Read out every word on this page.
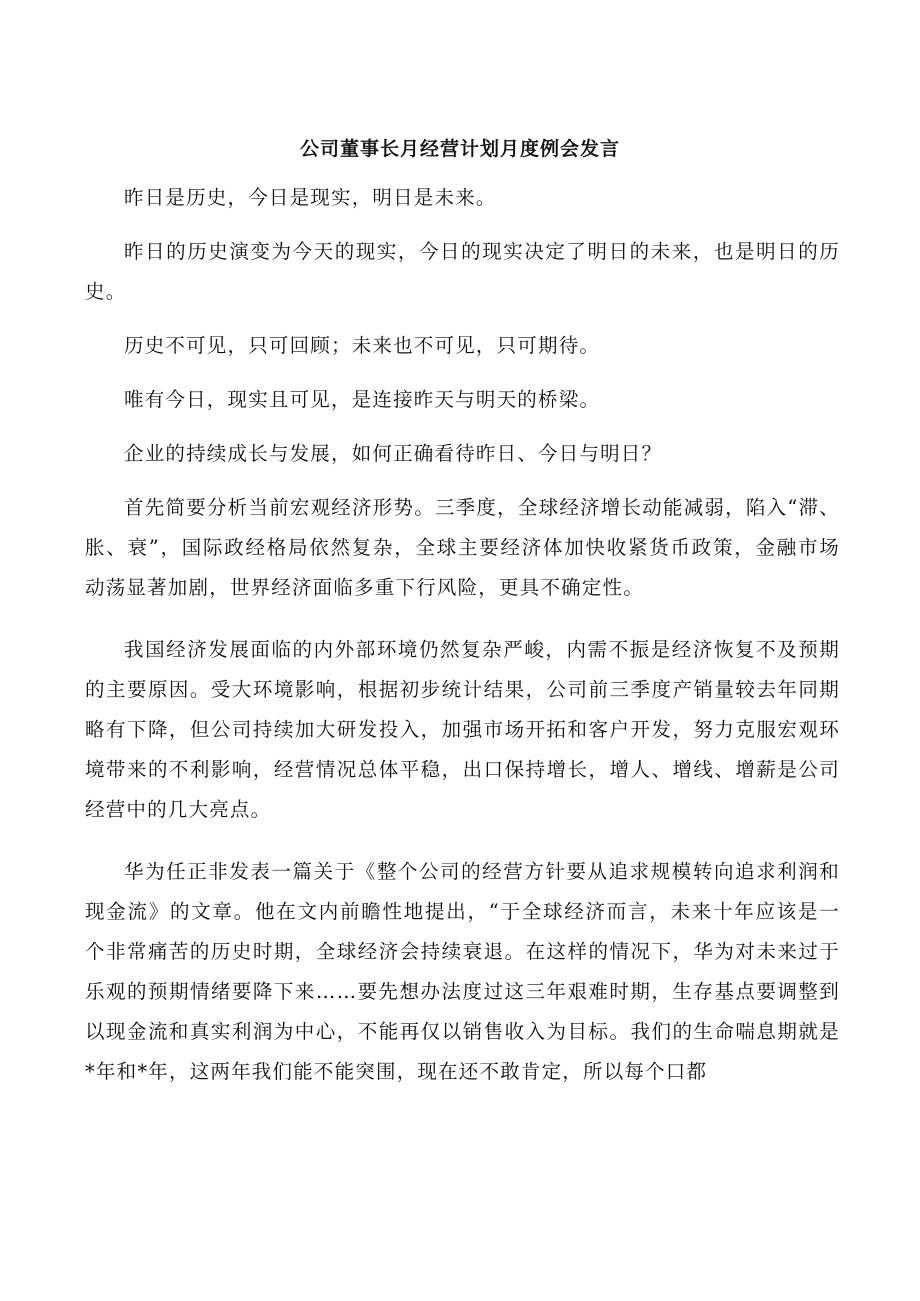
公司董事长月经营计划月度例会发言

昨日是历史，今日是现实，明日是未来。

昨日的历史演变为今天的现实，今日的现实决定了明日的未来，也是明日的历史。

历史不可见，只可回顾；未来也不可见，只可期待。

唯有今日，现实且可见，是连接昨天与明天的桥梁。

企业的持续成长与发展，如何正确看待昨日、今日与明日？

首先简要分析当前宏观经济形势。三季度，全球经济增长动能减弱，陷入“滞、胀、衰”，国际政经格局依然复杂，全球主要经济体加快收紧货币政策，金融市场动荡显著加剧，世界经济面临多重下行风险，更具不确定性。

我国经济发展面临的内外部环境仍然复杂严峻，内需不振是经济恢复不及预期的主要原因。受大环境影响，根据初步统计结果，公司前三季度产销量较去年同期略有下降，但公司持续加大研发投入，加强市场开拓和客户开发，努力克服宏观环境带来的不利影响，经营情况总体平稳，出口保持增长，增人、增线、增薪是公司经营中的几大亮点。

华为任正非发表一篇关于《整个公司的经营方针要从追求规模转向追求利润和现金流》的文章。他在文内前瞻性地提出，“于全球经济而言，未来十年应该是一个非常痛苦的历史时期，全球经济会持续衰退。在这样的情况下，华为对未来过于乐观的预期情绪要降下来……要先想办法度过这三年艰难时期，生存基点要调整到以现金流和真实利润为中心，不能再仅以销售收入为目标。我们的生命喘息期就是*年和*年，这两年我们能不能突围，现在还不敢肯定，所以每个口都
